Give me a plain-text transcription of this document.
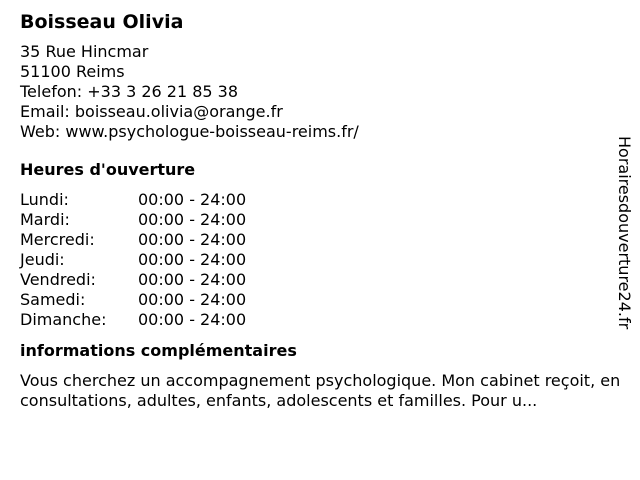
Boisseau Olivia
35 Rue Hincmar
51100 Reims
Telefon: +33 3 26 21 85 38
Email: boisseau.olivia@orange.fr
Web: www.psychologue-boisseau-reims.fr/
Heures d'ouverture
Lundi:	00:00 - 24:00
Mardi:	00:00 - 24:00
Mercredi:	00:00 - 24:00
Jeudi:	00:00 - 24:00
Vendredi:	00:00 - 24:00
Samedi:	00:00 - 24:00
Dimanche:	00:00 - 24:00
informations complémentaires
Vous cherchez un accompagnement psychologique. Mon cabinet reçoit, en consultations, adultes, enfants, adolescents et familles. Pour u...
Horairesdouverture24.fr
